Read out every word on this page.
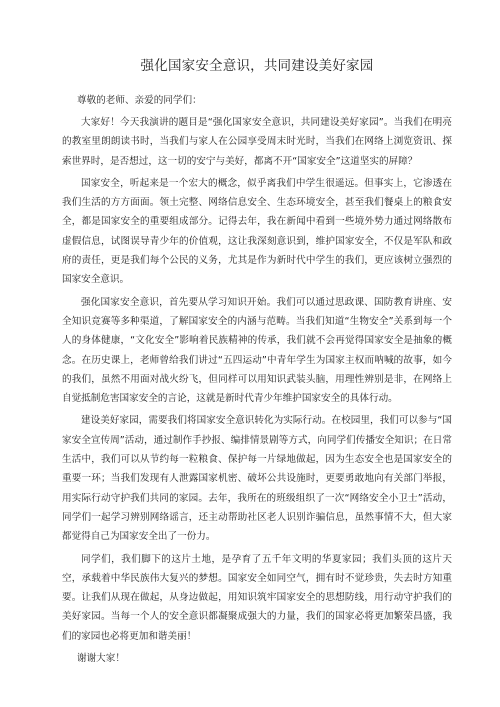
强化国家安全意识，共同建设美好家园

尊敬的老师、亲爱的同学们：

大家好！今天我演讲的题目是“强化国家安全意识，共同建设美好家园”。当我们在明亮的教室里朗朗读书时，当我们与家人在公园享受周末时光时，当我们在网络上浏览资讯、探索世界时，是否想过，这一切的安宁与美好，都离不开“国家安全”这道坚实的屏障？

国家安全，听起来是一个宏大的概念，似乎离我们中学生很遥远。但事实上，它渗透在我们生活的方方面面。领土完整、网络信息安全、生态环境安全，甚至我们餐桌上的粮食安全，都是国家安全的重要组成部分。记得去年，我在新闻中看到一些境外势力通过网络散布虚假信息，试图误导青少年的价值观，这让我深刻意识到，维护国家安全，不仅是军队和政府的责任，更是我们每个公民的义务，尤其是作为新时代中学生的我们，更应该树立强烈的国家安全意识。

强化国家安全意识，首先要从学习知识开始。我们可以通过思政课、国防教育讲座、安全知识竞赛等多种渠道，了解国家安全的内涵与范畴。当我们知道“生物安全”关系到每一个人的身体健康，“文化安全”影响着民族精神的传承，我们就不会再觉得国家安全是抽象的概念。在历史课上，老师曾给我们讲过“五四运动”中青年学生为国家主权而呐喊的故事，如今的我们，虽然不用面对战火纷飞，但同样可以用知识武装头脑，用理性辨别是非，在网络上自觉抵制危害国家安全的言论，这就是新时代青少年维护国家安全的具体行动。

建设美好家园，需要我们将国家安全意识转化为实际行动。在校园里，我们可以参与“国家安全宣传周”活动，通过制作手抄报、编排情景剧等方式，向同学们传播安全知识；在日常生活中，我们可以从节约每一粒粮食、保护每一片绿地做起，因为生态安全也是国家安全的重要一环；当我们发现有人泄露国家机密、破坏公共设施时，更要勇敢地向有关部门举报，用实际行动守护我们共同的家园。去年，我所在的班级组织了一次“网络安全小卫士”活动，同学们一起学习辨别网络谣言，还主动帮助社区老人识别诈骗信息，虽然事情不大，但大家都觉得自己为国家安全出了一份力。

同学们，我们脚下的这片土地，是孕育了五千年文明的华夏家园；我们头顶的这片天空，承载着中华民族伟大复兴的梦想。国家安全如同空气，拥有时不觉珍贵，失去时方知重要。让我们从现在做起，从身边做起，用知识筑牢国家安全的思想防线，用行动守护我们的美好家园。当每一个人的安全意识都凝聚成强大的力量，我们的国家必将更加繁荣昌盛，我们的家园也必将更加和谐美丽！

谢谢大家！
